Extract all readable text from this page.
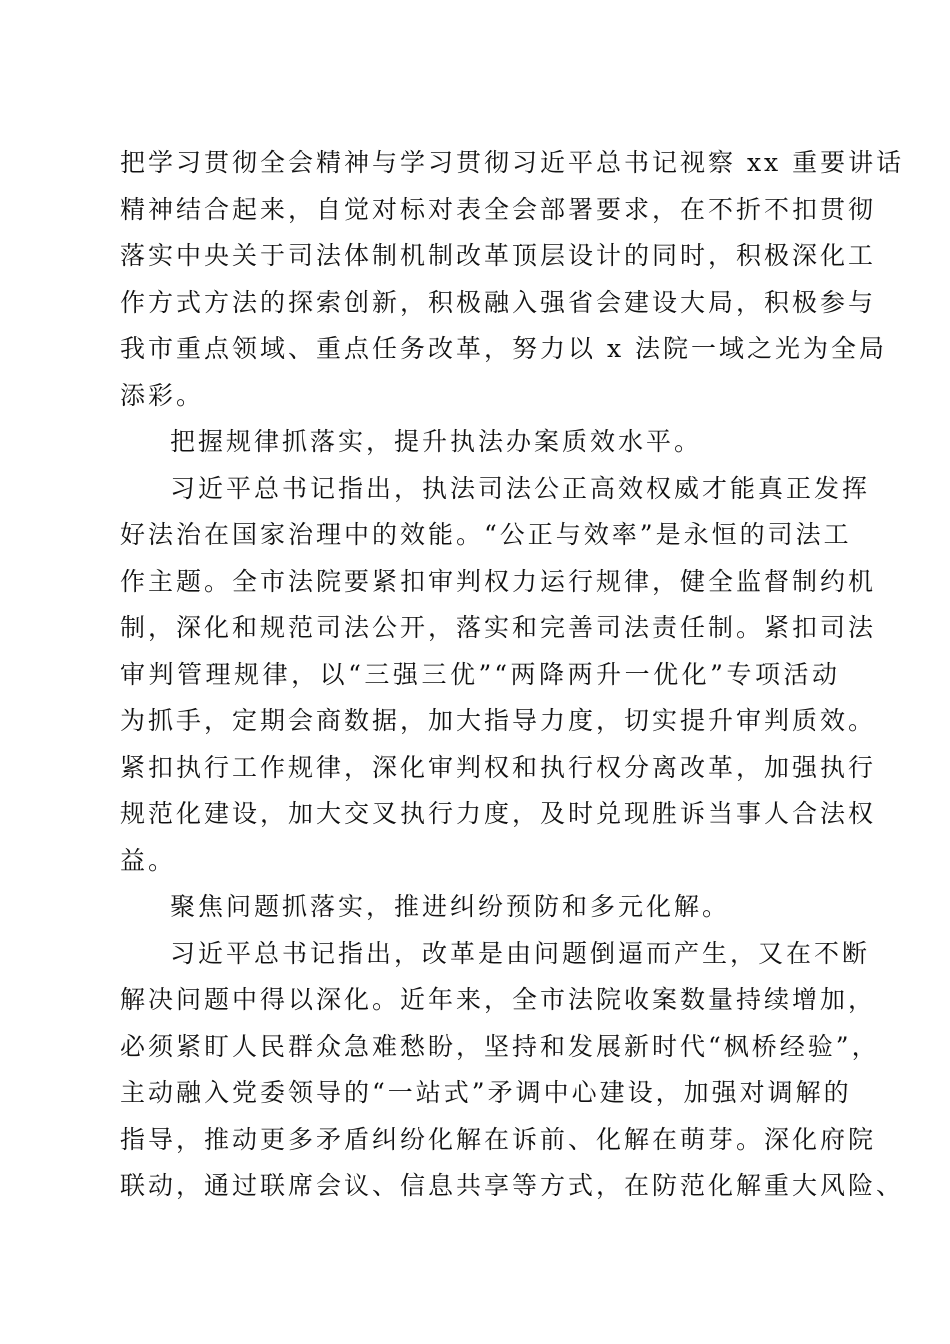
把学习贯彻全会精神与学习贯彻习近平总书记视察 xx 重要讲话
精神结合起来，自觉对标对表全会部署要求，在不折不扣贯彻
落实中央关于司法体制机制改革顶层设计的同时，积极深化工
作方式方法的探索创新，积极融入强省会建设大局，积极参与
我市重点领域、重点任务改革，努力以 x 法院一域之光为全局
添彩。

把握规律抓落实，提升执法办案质效水平。

习近平总书记指出，执法司法公正高效权威才能真正发挥
好法治在国家治理中的效能。“公正与效率”是永恒的司法工
作主题。全市法院要紧扣审判权力运行规律，健全监督制约机
制，深化和规范司法公开，落实和完善司法责任制。紧扣司法
审判管理规律，以“三强三优”“两降两升一优化”专项活动
为抓手，定期会商数据，加大指导力度，切实提升审判质效。
紧扣执行工作规律，深化审判权和执行权分离改革，加强执行
规范化建设，加大交叉执行力度，及时兑现胜诉当事人合法权
益。

聚焦问题抓落实，推进纠纷预防和多元化解。

习近平总书记指出，改革是由问题倒逼而产生，又在不断
解决问题中得以深化。近年来，全市法院收案数量持续增加，
必须紧盯人民群众急难愁盼，坚持和发展新时代“枫桥经验”，
主动融入党委领导的“一站式”矛调中心建设，加强对调解的
指导，推动更多矛盾纠纷化解在诉前、化解在萌芽。深化府院
联动，通过联席会议、信息共享等方式，在防范化解重大风险、
